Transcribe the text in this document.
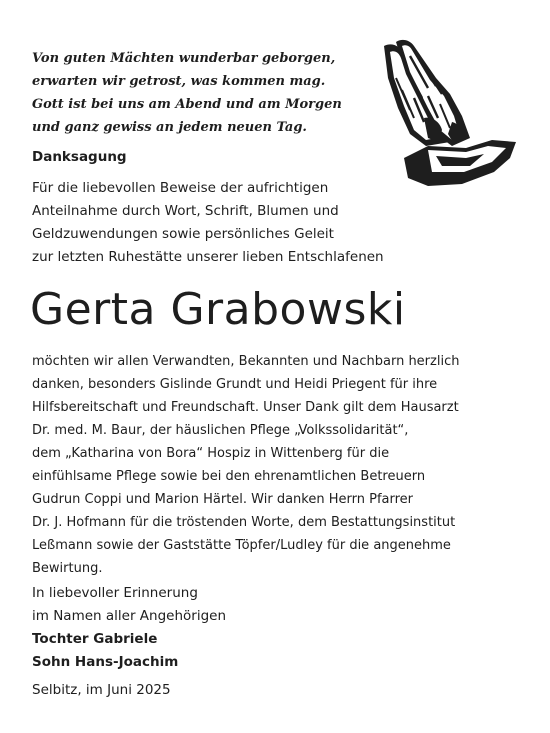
Von guten Mächten wunderbar geborgen,
erwarten wir getrost, was kommen mag.
Gott ist bei uns am Abend und am Morgen
und ganz gewiss an jedem neuen Tag.
Danksagung
Für die liebevollen Beweise der aufrichtigen
Anteilnahme durch Wort, Schrift, Blumen und
Geldzuwendungen sowie persönliches Geleit
zur letzten Ruhestätte unserer lieben Entschlafenen
Gerta Grabowski
möchten wir allen Verwandten, Bekannten und Nachbarn herzlich
danken, besonders Gislinde Grundt und Heidi Priegent für ihre
Hilfsbereitschaft und Freundschaft. Unser Dank gilt dem Hausarzt
Dr. med. M. Baur, der häuslichen Pflege „Volkssolidarität“,
dem „Katharina von Bora“ Hospiz in Wittenberg für die
einfühlsame Pflege sowie bei den ehrenamtlichen Betreuern
Gudrun Coppi und Marion Härtel. Wir danken Herrn Pfarrer
Dr. J. Hofmann für die tröstenden Worte, dem Bestattungsinstitut
Leßmann sowie der Gaststätte Töpfer/Ludley für die angenehme
Bewirtung.
In liebevoller Erinnerung
im Namen aller Angehörigen
Tochter Gabriele
Sohn Hans-Joachim
Selbitz, im Juni 2025
